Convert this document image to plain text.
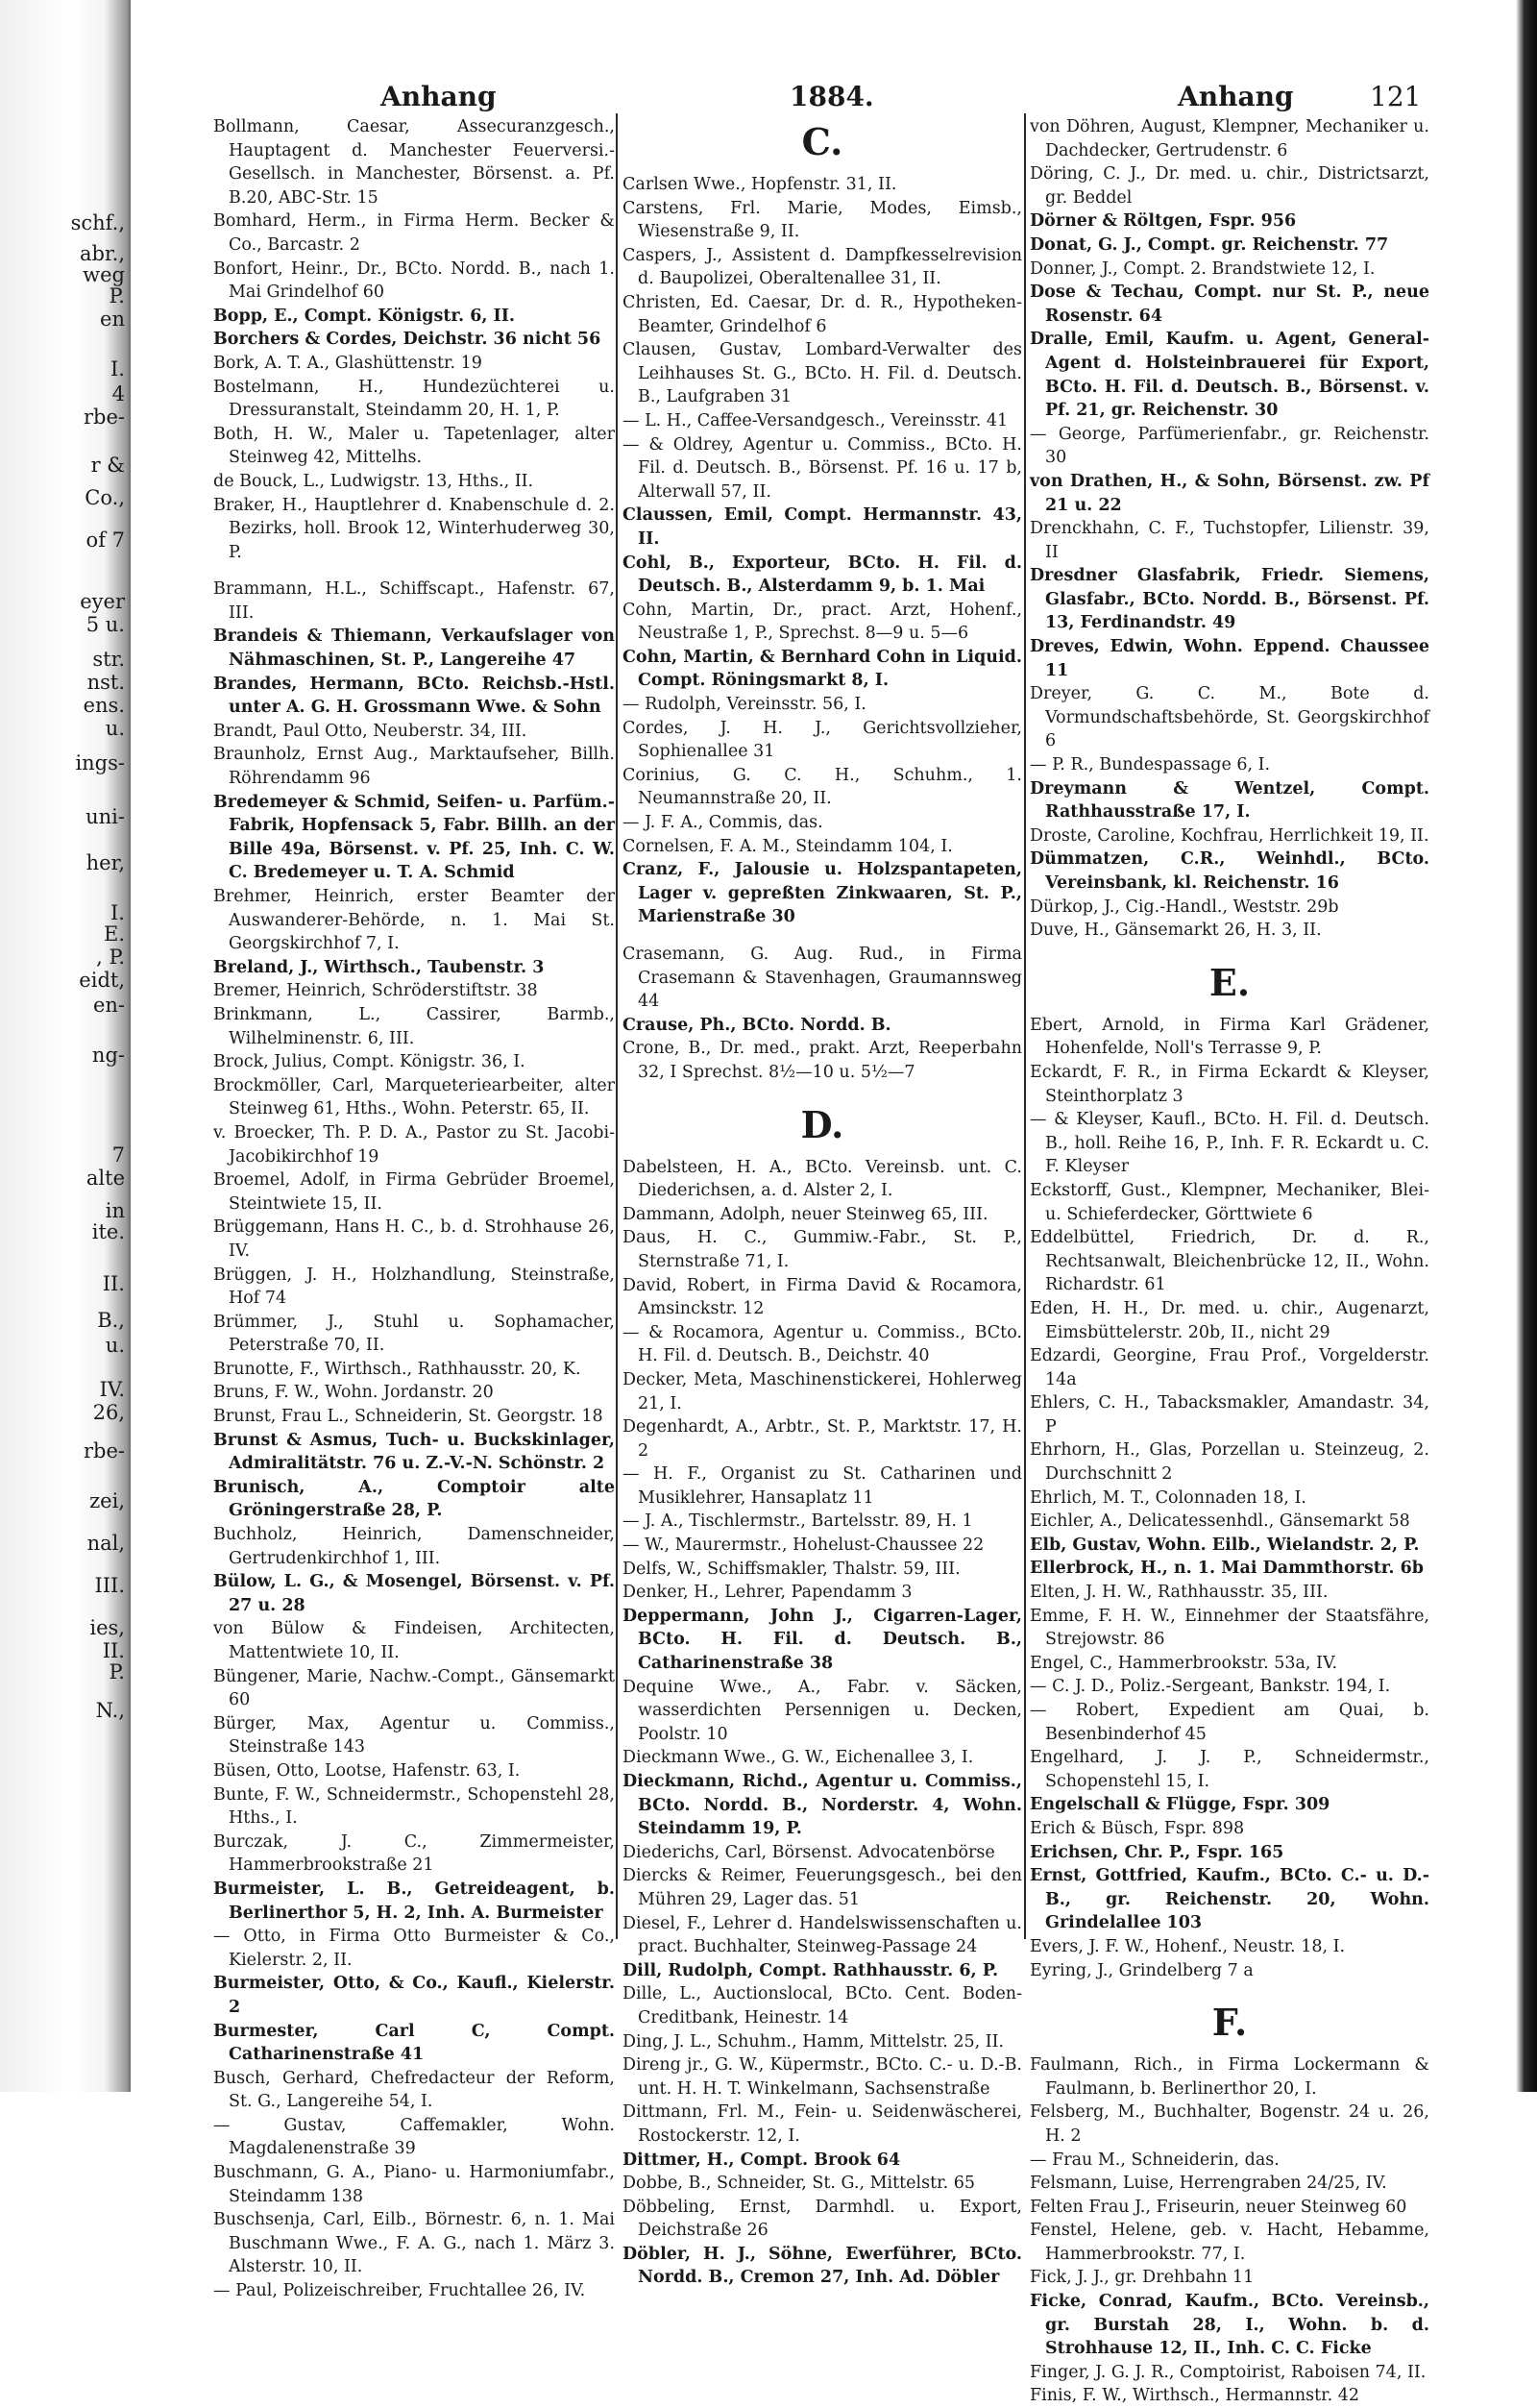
schf.,
abr.,
weg
P.
en
I.
4
rbe-
r &
Co.,
of 7
eyer
5 u.
str.
nst.
ens.
u.
ings-
uni-
her,
I.
E.
, P.
eidt,
en-
ng-
7
alte
in
ite.
II.
B.,
u.
IV.
26,
rbe-
zei,
nal,
III.
ies,
II.
P.
N.,
Anhang	1884.	Anhang	121

Bollmann, Caesar, Assecuranzgesch., Hauptagent d. Manchester Feuerversi.-Gesellsch. in Manchester, Börsenst. a. Pf. B.20, ABC-Str. 15

Bomhard, Herm., in Firma Herm. Becker & Co., Barcastr. 2

Bonfort, Heinr., Dr., BCto. Nordd. B., nach 1. Mai Grindelhof 60

Bopp, E., Compt. Königstr. 6, II.

Borchers & Cordes, Deichstr. 36 nicht 56

Bork, A. T. A., Glashüttenstr. 19

Bostelmann, H., Hundezüchterei u. Dressuranstalt, Steindamm 20, H. 1, P.

Both, H. W., Maler u. Tapetenlager, alter Steinweg 42, Mittelhs.

de Bouck, L., Ludwigstr. 13, Hths., II.

Braker, H., Hauptlehrer d. Knabenschule d. 2. Bezirks, holl. Brook 12, Winterhuderweg 30, P.

Brammann, H.L., Schiffscapt., Hafenstr. 67, III.

Brandeis & Thiemann, Verkaufslager von Nähmaschinen, St. P., Langereihe 47

Brandes, Hermann, BCto. Reichsb.-Hstl. unter A. G. H. Grossmann Wwe. & Sohn

Brandt, Paul Otto, Neuberstr. 34, III.

Braunholz, Ernst Aug., Marktaufseher, Billh. Röhrendamm 96

Bredemeyer & Schmid, Seifen- u. Parfüm.-Fabrik, Hopfensack 5, Fabr. Billh. an der Bille 49a, Börsenst. v. Pf. 25, Inh. C. W. C. Bredemeyer u. T. A. Schmid

Brehmer, Heinrich, erster Beamter der Auswanderer-Behörde, n. 1. Mai St. Georgskirchhof 7, I.

Breland, J., Wirthsch., Taubenstr. 3

Bremer, Heinrich, Schröderstiftstr. 38

Brinkmann, L., Cassirer, Barmb., Wilhelminenstr. 6, III.

Brock, Julius, Compt. Königstr. 36, I.

Brockmöller, Carl, Marqueteriearbeiter, alter Steinweg 61, Hths., Wohn. Peterstr. 65, II.

v. Broecker, Th. P. D. A., Pastor zu St. Jacobi-Jacobikirchhof 19

Broemel, Adolf, in Firma Gebrüder Broemel, Steintwiete 15, II.

Brüggemann, Hans H. C., b. d. Strohhause 26, IV.

Brüggen, J. H., Holzhandlung, Steinstraße, Hof 74

Brümmer, J., Stuhl u. Sophamacher, Peterstraße 70, II.

Brunotte, F., Wirthsch., Rathhausstr. 20, K.

Bruns, F. W., Wohn. Jordanstr. 20

Brunst, Frau L., Schneiderin, St. Georgstr. 18

Brunst & Asmus, Tuch- u. Buckskinlager, Admiralitätstr. 76 u. Z.-V.-N. Schönstr. 2

Brunisch, A., Comptoir alte Gröningerstraße 28, P.

Buchholz, Heinrich, Damenschneider, Gertrudenkirchhof 1, III.

Bülow, L. G., & Mosengel, Börsenst. v. Pf. 27 u. 28

von Bülow & Findeisen, Architecten, Mattentwiete 10, II.

Büngener, Marie, Nachw.-Compt., Gänsemarkt 60

Bürger, Max, Agentur u. Commiss., Steinstraße 143

Büsen, Otto, Lootse, Hafenstr. 63, I.

Bunte, F. W., Schneidermstr., Schopenstehl 28, Hths., I.

Burczak, J. C., Zimmermeister, Hammerbrookstraße 21

Burmeister, L. B., Getreideagent, b. Berlinerthor 5, H. 2, Inh. A. Burmeister

— Otto, in Firma Otto Burmeister & Co., Kielerstr. 2, II.

Burmeister, Otto, & Co., Kaufl., Kielerstr. 2

Burmester, Carl C, Compt. Catharinenstraße 41

Busch, Gerhard, Chefredacteur der Reform, St. G., Langereihe 54, I.

— Gustav, Caffemakler, Wohn. Magdalenenstraße 39

Buschmann, G. A., Piano- u. Harmoniumfabr., Steindamm 138

Buschsenja, Carl, Eilb., Börnestr. 6, n. 1. Mai Buschmann Wwe., F. A. G., nach 1. März 3. Alsterstr. 10, II.

— Paul, Polizeischreiber, Fruchtallee 26, IV.

C.

Carlsen Wwe., Hopfenstr. 31, II.

Carstens, Frl. Marie, Modes, Eimsb., Wiesenstraße 9, II.

Caspers, J., Assistent d. Dampfkesselrevision d. Baupolizei, Oberaltenallee 31, II.

Christen, Ed. Caesar, Dr. d. R., Hypotheken-Beamter, Grindelhof 6

Clausen, Gustav, Lombard-Verwalter des Leihhauses St. G., BCto. H. Fil. d. Deutsch. B., Laufgraben 31

— L. H., Caffee-Versandgesch., Vereinsstr. 41

— & Oldrey, Agentur u. Commiss., BCto. H. Fil. d. Deutsch. B., Börsenst. Pf. 16 u. 17 b, Alterwall 57, II.

Claussen, Emil, Compt. Hermannstr. 43, II.

Cohl, B., Exporteur, BCto. H. Fil. d. Deutsch. B., Alsterdamm 9, b. 1. Mai

Cohn, Martin, Dr., pract. Arzt, Hohenf., Neustraße 1, P., Sprechst. 8—9 u. 5—6

Cohn, Martin, & Bernhard Cohn in Liquid. Compt. Röningsmarkt 8, I.

— Rudolph, Vereinsstr. 56, I.

Cordes, J. H. J., Gerichtsvollzieher, Sophienallee 31

Corinius, G. C. H., Schuhm., 1. Neumannstraße 20, II.

— J. F. A., Commis, das.

Cornelsen, F. A. M., Steindamm 104, I.

Cranz, F., Jalousie u. Holzspantapeten, Lager v. gepreßten Zinkwaaren, St. P., Marienstraße 30

Crasemann, G. Aug. Rud., in Firma Crasemann & Stavenhagen, Graumannsweg 44

Crause, Ph., BCto. Nordd. B.

Crone, B., Dr. med., prakt. Arzt, Reeperbahn 32, I Sprechst. 8½—10 u. 5½—7

D.

Dabelsteen, H. A., BCto. Vereinsb. unt. C. Diederichsen, a. d. Alster 2, I.

Dammann, Adolph, neuer Steinweg 65, III.

Daus, H. C., Gummiw.-Fabr., St. P., Sternstraße 71, I.

David, Robert, in Firma David & Rocamora, Amsinckstr. 12

— & Rocamora, Agentur u. Commiss., BCto. H. Fil. d. Deutsch. B., Deichstr. 40

Decker, Meta, Maschinenstickerei, Hohlerweg 21, I.

Degenhardt, A., Arbtr., St. P., Marktstr. 17, H. 2

— H. F., Organist zu St. Catharinen und Musiklehrer, Hansaplatz 11

— J. A., Tischlermstr., Bartelsstr. 89, H. 1

— W., Maurermstr., Hohelust-Chaussee 22

Delfs, W., Schiffsmakler, Thalstr. 59, III.

Denker, H., Lehrer, Papendamm 3

Deppermann, John J., Cigarren-Lager, BCto. H. Fil. d. Deutsch. B., Catharinenstraße 38

Dequine Wwe., A., Fabr. v. Säcken, wasserdichten Persennigen u. Decken, Poolstr. 10

Dieckmann Wwe., G. W., Eichenallee 3, I.

Dieckmann, Richd., Agentur u. Commiss., BCto. Nordd. B., Norderstr. 4, Wohn. Steindamm 19, P.

Diederichs, Carl, Börsenst. Advocatenbörse

Diercks & Reimer, Feuerungsgesch., bei den Mühren 29, Lager das. 51

Diesel, F., Lehrer d. Handelswissenschaften u. pract. Buchhalter, Steinweg-Passage 24

Dill, Rudolph, Compt. Rathhausstr. 6, P.

Dille, L., Auctionslocal, BCto. Cent. Boden-Creditbank, Heinestr. 14

Ding, J. L., Schuhm., Hamm, Mittelstr. 25, II.

Direng jr., G. W., Küpermstr., BCto. C.- u. D.-B. unt. H. H. T. Winkelmann, Sachsenstraße

Dittmann, Frl. M., Fein- u. Seidenwäscherei, Rostockerstr. 12, I.

Dittmer, H., Compt. Brook 64

Dobbe, B., Schneider, St. G., Mittelstr. 65

Döbbeling, Ernst, Darmhdl. u. Export, Deichstraße 26

Döbler, H. J., Söhne, Ewerführer, BCto. Nordd. B., Cremon 27, Inh. Ad. Döbler

von Döhren, August, Klempner, Mechaniker u. Dachdecker, Gertrudenstr. 6

Döring, C. J., Dr. med. u. chir., Districtsarzt, gr. Beddel

Dörner & Röltgen, Fspr. 956

Donat, G. J., Compt. gr. Reichenstr. 77

Donner, J., Compt. 2. Brandstwiete 12, I.

Dose & Techau, Compt. nur St. P., neue Rosenstr. 64

Dralle, Emil, Kaufm. u. Agent, General-Agent d. Holsteinbrauerei für Export, BCto. H. Fil. d. Deutsch. B., Börsenst. v. Pf. 21, gr. Reichenstr. 30

— George, Parfümerienfabr., gr. Reichenstr. 30

von Drathen, H., & Sohn, Börsenst. zw. Pf 21 u. 22

Drenckhahn, C. F., Tuchstopfer, Lilienstr. 39, II

Dresdner Glasfabrik, Friedr. Siemens, Glasfabr., BCto. Nordd. B., Börsenst. Pf. 13, Ferdinandstr. 49

Dreves, Edwin, Wohn. Eppend. Chaussee 11

Dreyer, G. C. M., Bote d. Vormundschaftsbehörde, St. Georgskirchhof 6

— P. R., Bundespassage 6, I.

Dreymann & Wentzel, Compt. Rathhausstraße 17, I.

Droste, Caroline, Kochfrau, Herrlichkeit 19, II.

Dümmatzen, C.R., Weinhdl., BCto. Vereinsbank, kl. Reichenstr. 16

Dürkop, J., Cig.-Handl., Weststr. 29b

Duve, H., Gänsemarkt 26, H. 3, II.

E.

Ebert, Arnold, in Firma Karl Grädener, Hohenfelde, Noll's Terrasse 9, P.

Eckardt, F. R., in Firma Eckardt & Kleyser, Steinthorplatz 3

— & Kleyser, Kaufl., BCto. H. Fil. d. Deutsch. B., holl. Reihe 16, P., Inh. F. R. Eckardt u. C. F. Kleyser

Eckstorff, Gust., Klempner, Mechaniker, Blei- u. Schieferdecker, Görttwiete 6

Eddelbüttel, Friedrich, Dr. d. R., Rechtsanwalt, Bleichenbrücke 12, II., Wohn. Richardstr. 61

Eden, H. H., Dr. med. u. chir., Augenarzt, Eimsbüttelerstr. 20b, II., nicht 29

Edzardi, Georgine, Frau Prof., Vorgelderstr. 14a

Ehlers, C. H., Tabacksmakler, Amandastr. 34, P

Ehrhorn, H., Glas, Porzellan u. Steinzeug, 2. Durchschnitt 2

Ehrlich, M. T., Colonnaden 18, I.

Eichler, A., Delicatessenhdl., Gänsemarkt 58

Elb, Gustav, Wohn. Eilb., Wielandstr. 2, P.

Ellerbrock, H., n. 1. Mai Dammthorstr. 6b

Elten, J. H. W., Rathhausstr. 35, III.

Emme, F. H. W., Einnehmer der Staatsfähre, Strejowstr. 86

Engel, C., Hammerbrookstr. 53a, IV.

— C. J. D., Poliz.-Sergeant, Bankstr. 194, I.

— Robert, Expedient am Quai, b. Besenbinderhof 45

Engelhard, J. J. P., Schneidermstr., Schopenstehl 15, I.

Engelschall & Flügge, Fspr. 309

Erich & Büsch, Fspr. 898

Erichsen, Chr. P., Fspr. 165

Ernst, Gottfried, Kaufm., BCto. C.- u. D.-B., gr. Reichenstr. 20, Wohn. Grindelallee 103

Evers, J. F. W., Hohenf., Neustr. 18, I.

Eyring, J., Grindelberg 7 a

F.

Faulmann, Rich., in Firma Lockermann & Faulmann, b. Berlinerthor 20, I.

Felsberg, M., Buchhalter, Bogenstr. 24 u. 26, H. 2

— Frau M., Schneiderin, das.

Felsmann, Luise, Herrengraben 24/25, IV.

Felten Frau J., Friseurin, neuer Steinweg 60

Fenstel, Helene, geb. v. Hacht, Hebamme, Hammerbrookstr. 77, I.

Fick, J. J., gr. Drehbahn 11

Ficke, Conrad, Kaufm., BCto. Vereinsb., gr. Burstah 28, I., Wohn. b. d. Strohhause 12, II., Inh. C. C. Ficke

Finger, J. G. J. R., Comptoirist, Raboisen 74, II.

Finis, F. W., Wirthsch., Hermannstr. 42
